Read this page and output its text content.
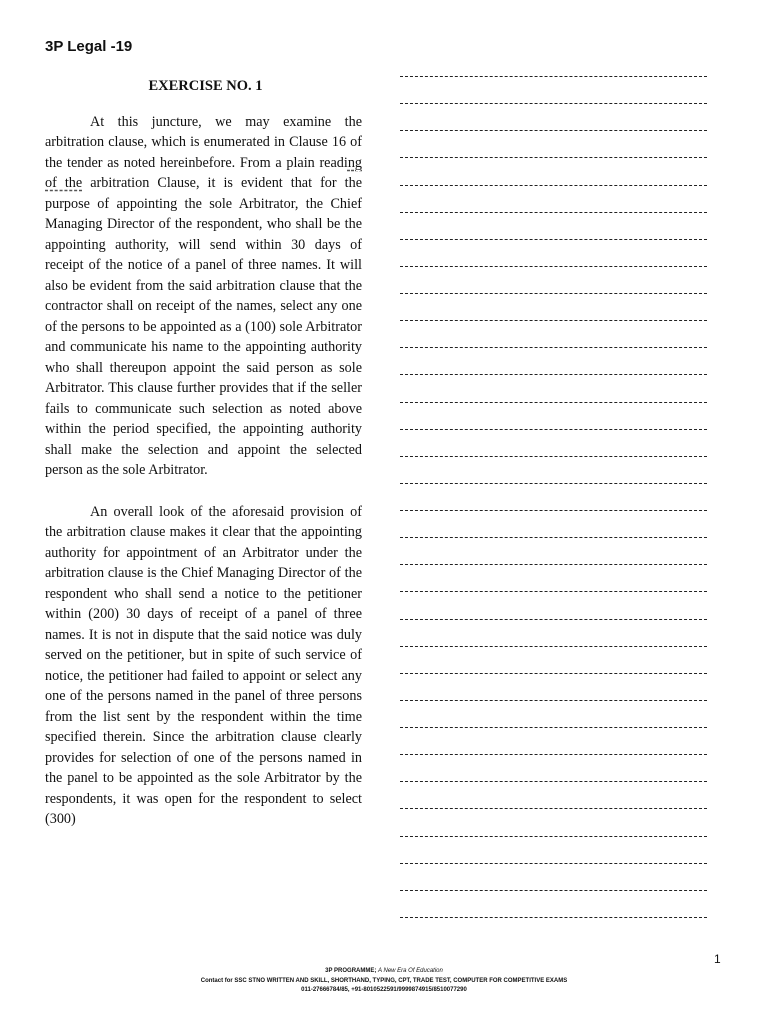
3P Legal -19
EXERCISE NO. 1

At this juncture, we may examine the arbitration clause, which is enumerated in Clause 16 of the tender as noted hereinbefore. From a plain reading of the arbitration Clause, it is evident that for the purpose of appointing the sole Arbitrator, the Chief Managing Director of the respondent, who shall be the appointing authority, will send within 30 days of receipt of the notice of a panel of three names. It will also be evident from the said arbitration clause that the contractor shall on receipt of the names, select any one of the persons to be appointed as a (100) sole Arbitrator and communicate his name to the appointing authority who shall thereupon appoint the said person as sole Arbitrator. This clause further provides that if the seller fails to communicate such selection as noted above within the period specified, the appointing authority shall make the selection and appoint the selected person as the sole Arbitrator.

An overall look of the aforesaid provision of the arbitration clause makes it clear that the appointing authority for appointment of an Arbitrator under the arbitration clause is the Chief Managing Director of the respondent who shall send a notice to the petitioner within (200) 30 days of receipt of a panel of three names. It is not in dispute that the said notice was duly served on the petitioner, but in spite of such service of notice, the petitioner had failed to appoint or select any one of the persons named in the panel of three persons from the list sent by the respondent within the time specified therein. Since the arbitration clause clearly provides for selection of one of the persons named in the panel to be appointed as the sole Arbitrator by the respondents, it was open for the respondent to select (300)

1
3P PROGRAMME; A New Era Of Education
Contact for SSC STNO WRITTEN AND SKILL, SHORTHAND, TYPING, CPT, TRADE TEST, COMPUTER FOR COMPETITIVE EXAMS
011-27666784/85, +91-8010522591/9999874915/8510077290
